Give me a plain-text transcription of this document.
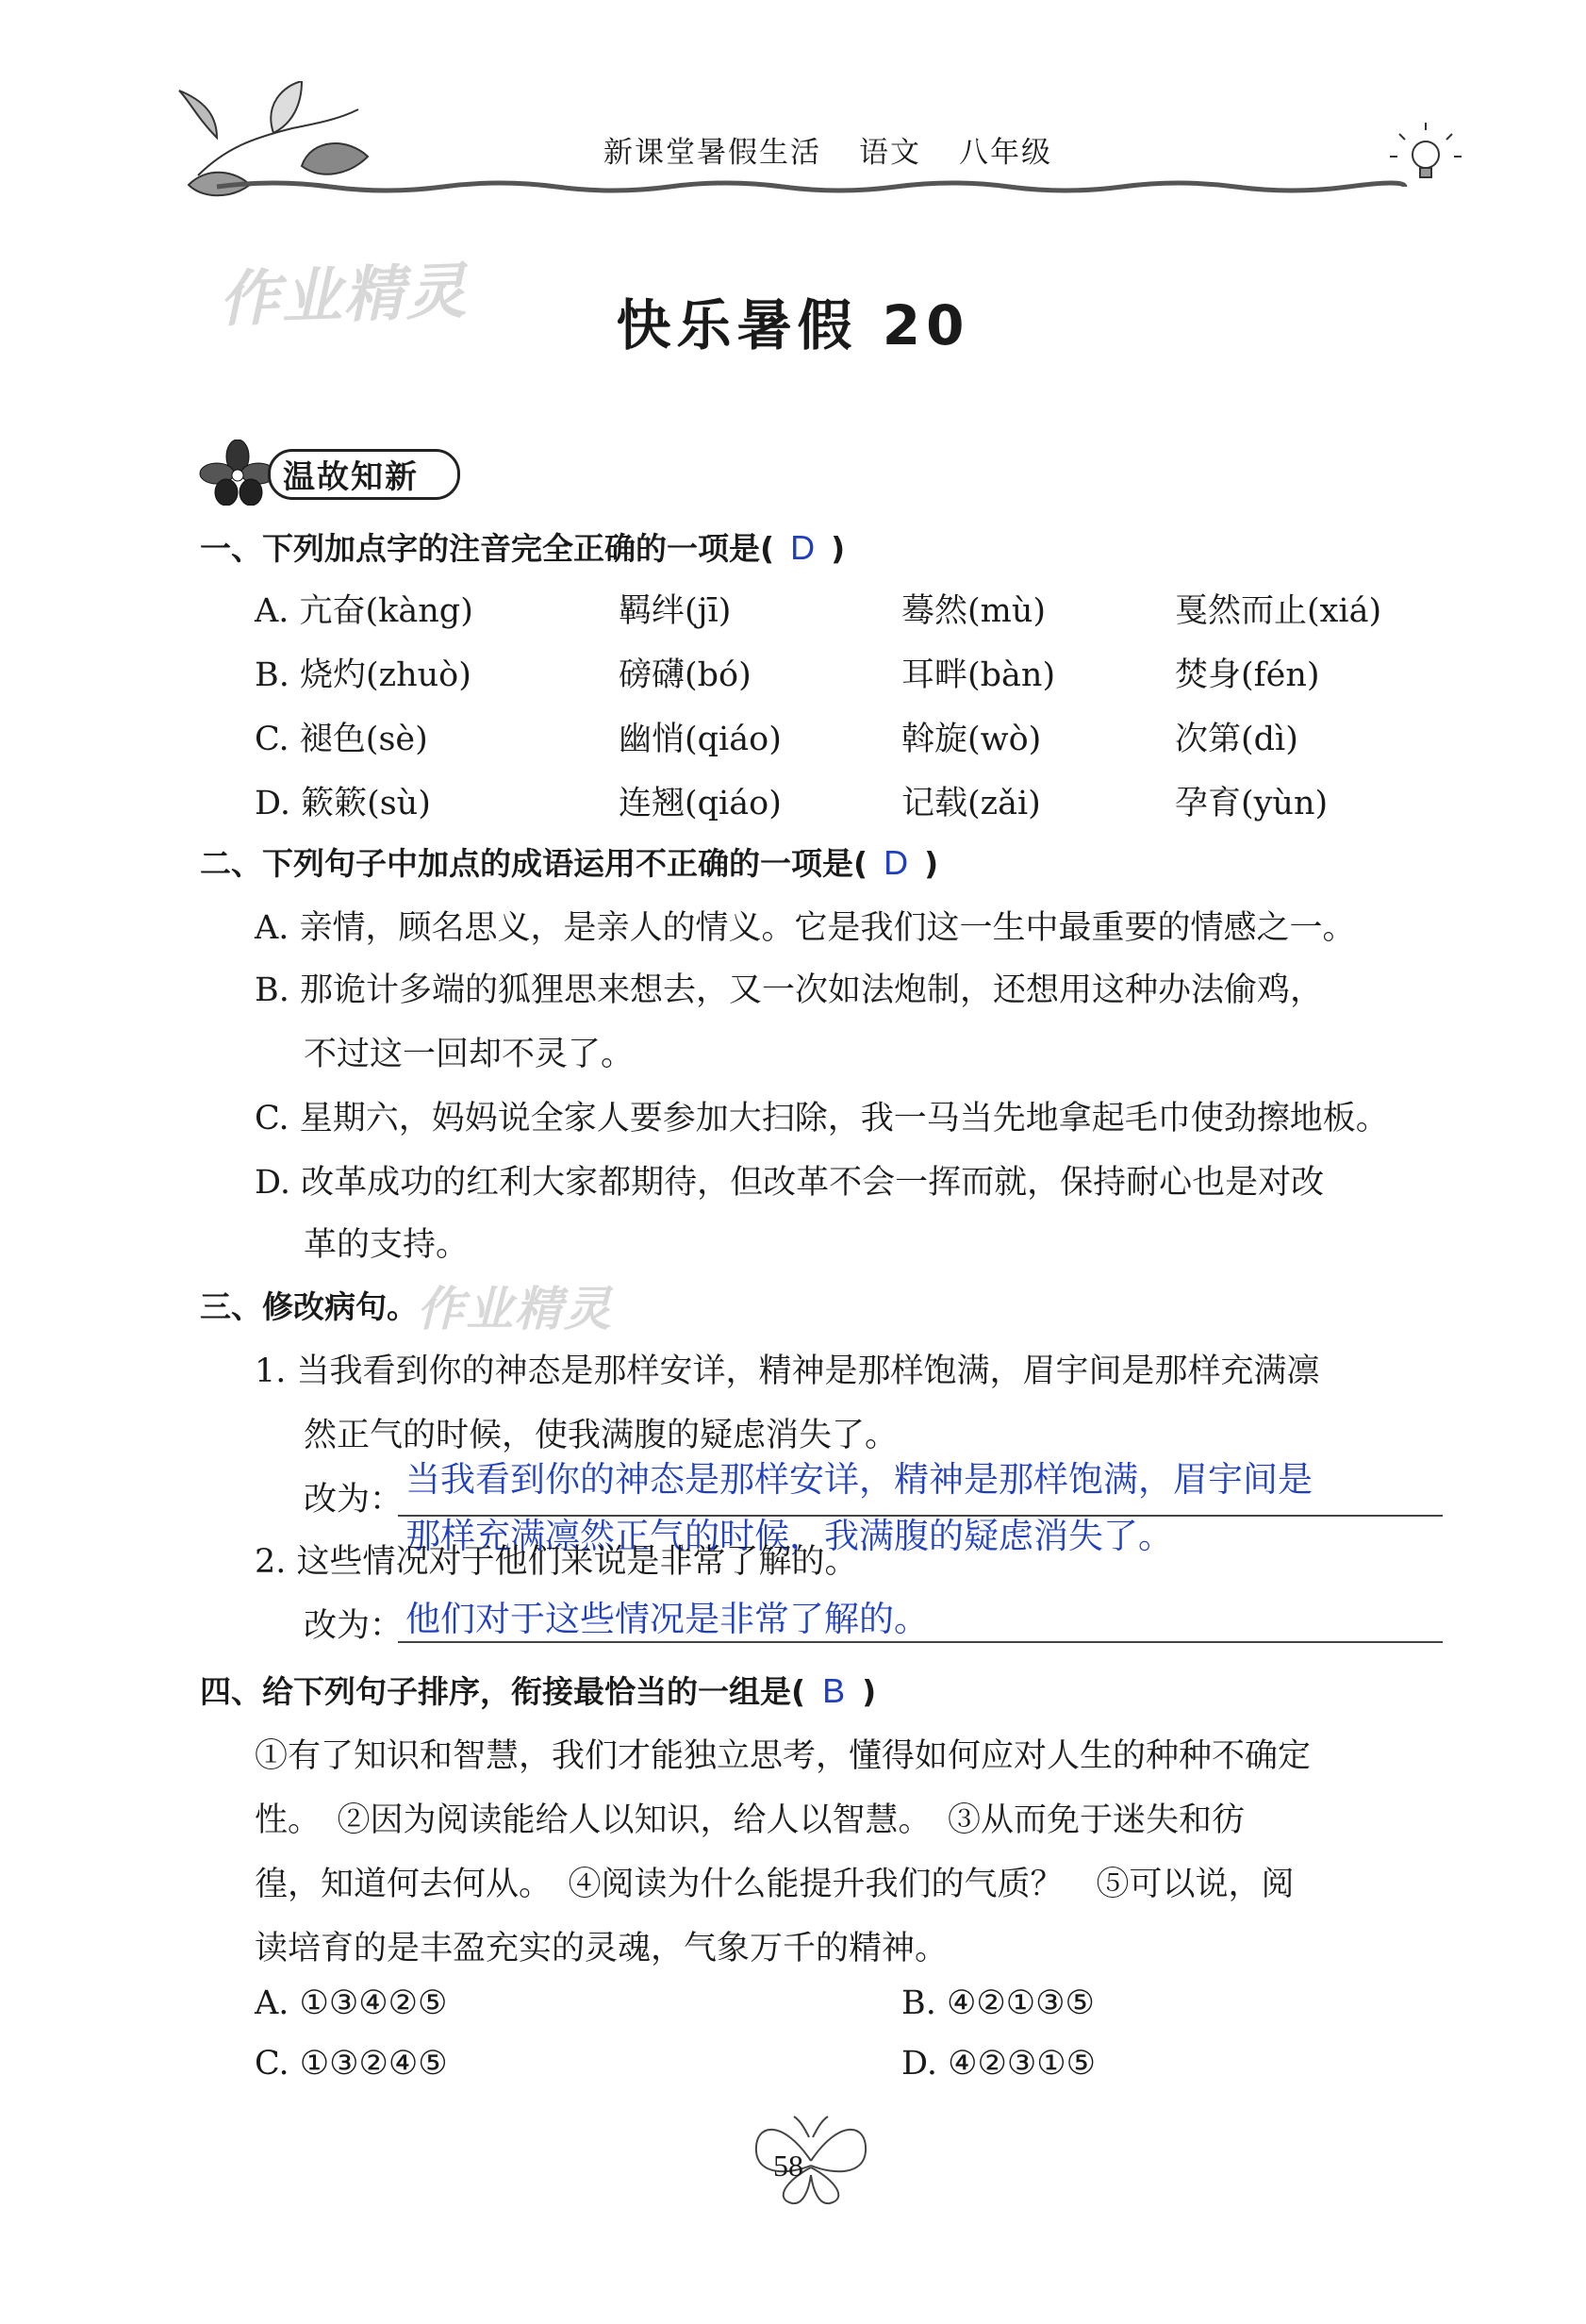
新课堂暑假生活 语文 八年级
作业精灵	快乐暑假 20
温故知新
一、下列加点字的注音完全正确的一项是( D )
A. 亢奋(kàng)	羁绊(jī)	蓦然(mù)	戛然而止(xiá)
B. 烧灼(zhuò)	磅礴(bó)	耳畔(bàn)	焚身(fén)
C. 褪色(sè)	幽悄(qiáo)	斡旋(wò)	次第(dì)
D. 簌簌(sù)	连翘(qiáo)	记载(zǎi)	孕育(yùn)
二、下列句子中加点的成语运用不正确的一项是( D )
A. 亲情，顾名思义，是亲人的情义。它是我们这一生中最重要的情感之一。
B. 那诡计多端的狐狸思来想去，又一次如法炮制，还想用这种办法偷鸡，
不过这一回却不灵了。
C. 星期六，妈妈说全家人要参加大扫除，我一马当先地拿起毛巾使劲擦地板。
D. 改革成功的红利大家都期待，但改革不会一挥而就，保持耐心也是对改
革的支持。
三、修改病句。 作业精灵
1. 当我看到你的神态是那样安详，精神是那样饱满，眉宇间是那样充满凛
然正气的时候，使我满腹的疑虑消失了。
改为： 当我看到你的神态是那样安详，精神是那样饱满，眉宇间是
那样充满凛然正气的时候，我满腹的疑虑消失了。
2. 这些情况对于他们来说是非常了解的。
改为： 他们对于这些情况是非常了解的。
四、给下列句子排序，衔接最恰当的一组是( B )
①有了知识和智慧，我们才能独立思考，懂得如何应对人生的种种不确定
性。　②因为阅读能给人以知识，给人以智慧。　③从而免于迷失和彷
徨，知道何去何从。　④阅读为什么能提升我们的气质？　⑤可以说，阅
读培育的是丰盈充实的灵魂，气象万千的精神。
A. ①③④②⑤	B. ④②①③⑤
C. ①③②④⑤	D. ④②③①⑤
58
